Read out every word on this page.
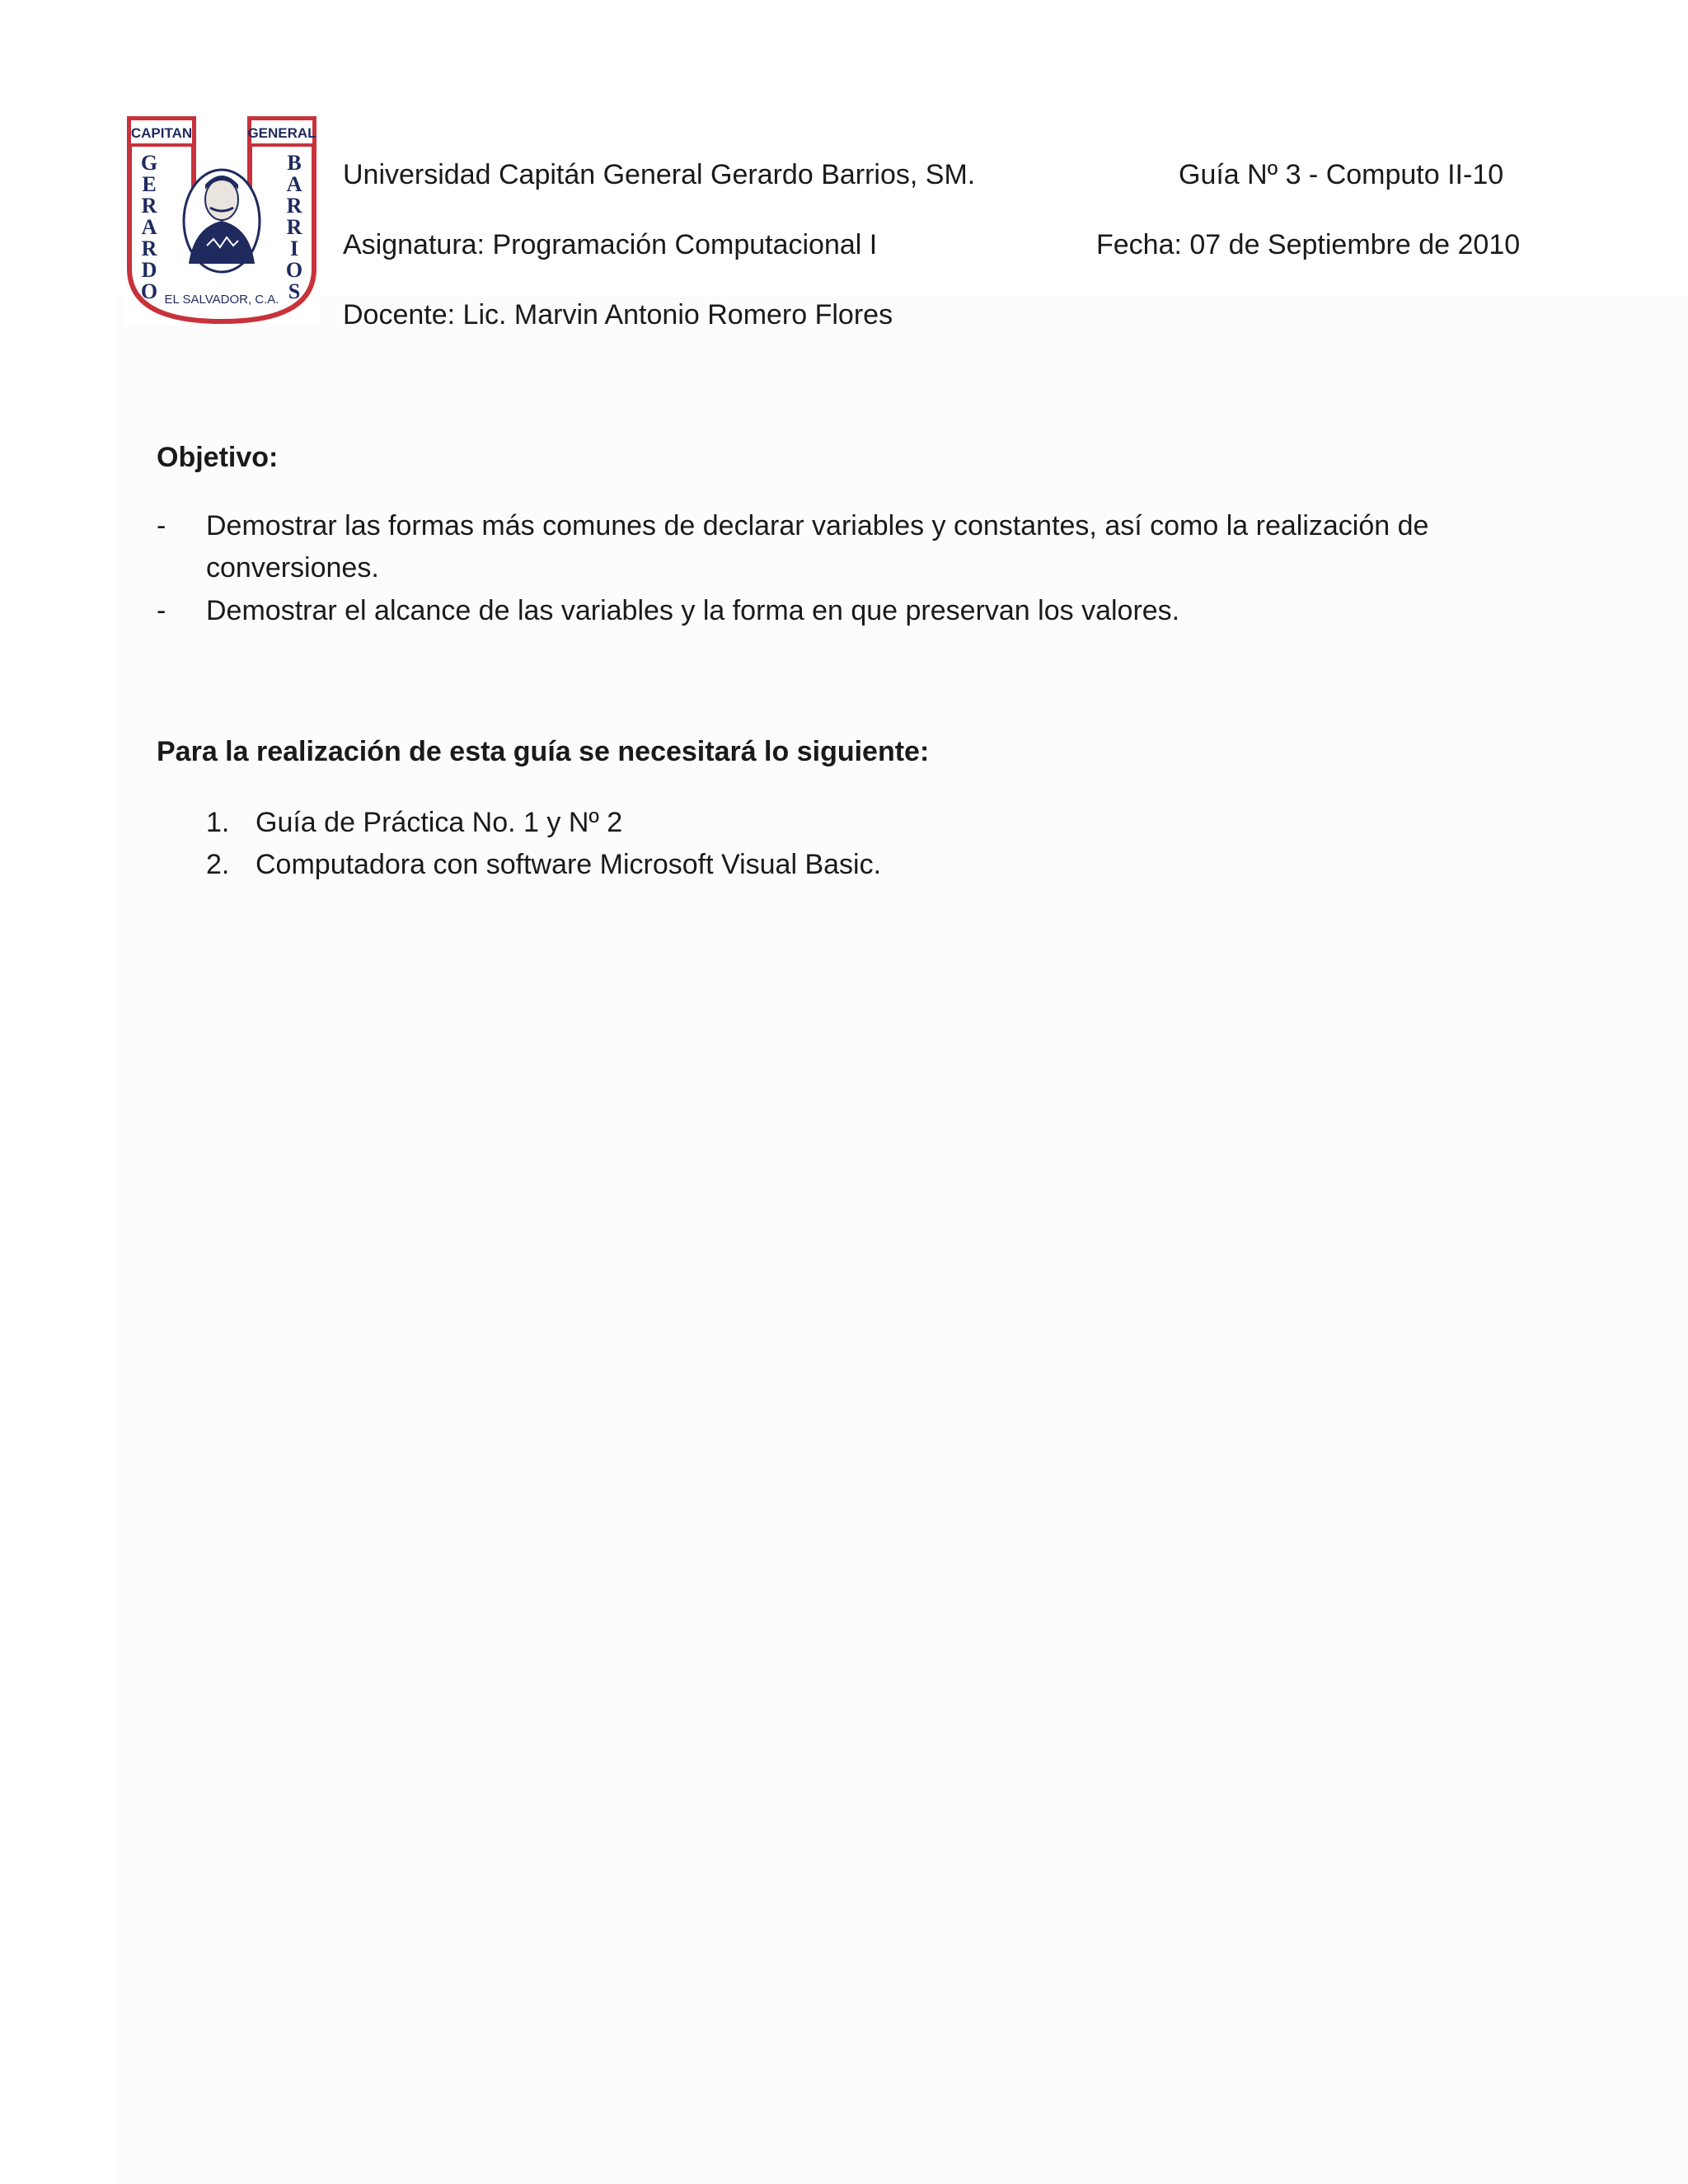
CAPITAN	GENERAL
G
E
R
A
R
D
O
B
A
R
R
I
O
S
EL SALVADOR, C.A.
Universidad Capitán General Gerardo Barrios, SM.	Guía Nº 3 - Computo II-10
Asignatura: Programación Computacional I	Fecha: 07 de Septiembre de 2010
Docente: Lic. Marvin Antonio Romero Flores
Objetivo:
- Demostrar las formas más comunes de declarar variables y constantes, así como la realización de conversiones.
- Demostrar el alcance de las variables y la forma en que preservan los valores.
Para la realización de esta guía se necesitará lo siguiente:
1. Guía de Práctica No. 1 y Nº 2
2. Computadora con software Microsoft Visual Basic.
